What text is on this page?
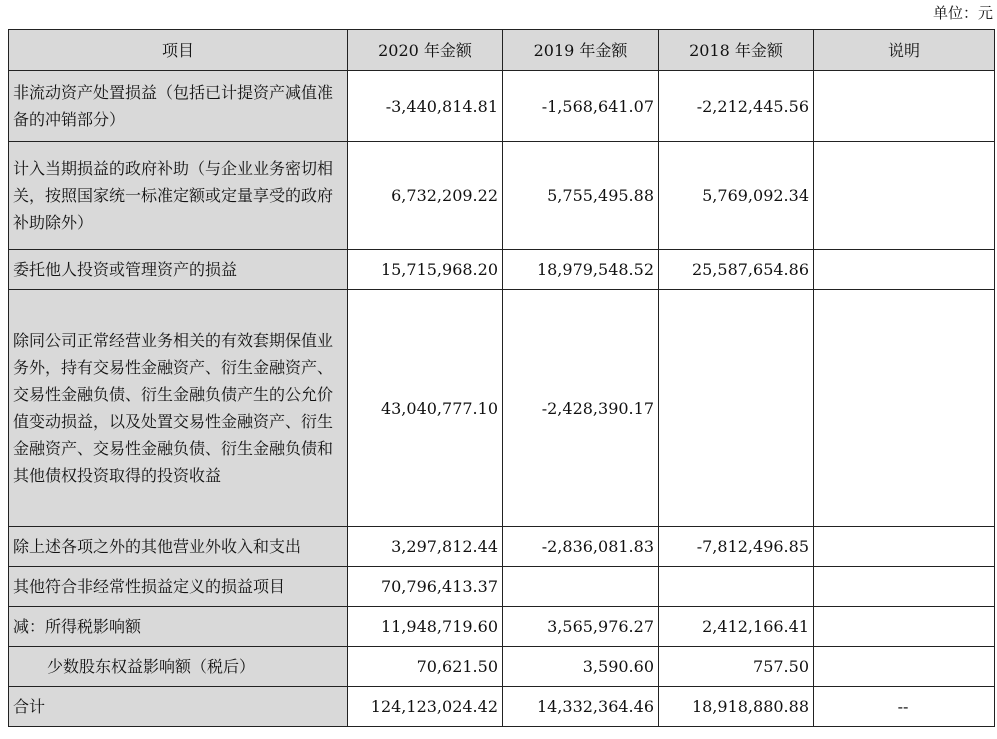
单位：元
项目	2020 年金额	2019 年金额	2018 年金额	说明
非流动资产处置损益（包括已计提资产减值准备的冲销部分）	-3,440,814.81	-1,568,641.07	-2,212,445.56	
计入当期损益的政府补助（与企业业务密切相关，按照国家统一标准定额或定量享受的政府补助除外）	6,732,209.22	5,755,495.88	5,769,092.34	
委托他人投资或管理资产的损益	15,715,968.20	18,979,548.52	25,587,654.86	
除同公司正常经营业务相关的有效套期保值业务外，持有交易性金融资产、衍生金融资产、交易性金融负债、衍生金融负债产生的公允价值变动损益，以及处置交易性金融资产、衍生金融资产、交易性金融负债、衍生金融负债和其他债权投资取得的投资收益	43,040,777.10	-2,428,390.17		
除上述各项之外的其他营业外收入和支出	3,297,812.44	-2,836,081.83	-7,812,496.85	
其他符合非经常性损益定义的损益项目	70,796,413.37			
减：所得税影响额	11,948,719.60	3,565,976.27	2,412,166.41	
少数股东权益影响额（税后）	70,621.50	3,590.60	757.50	
合计	124,123,024.42	14,332,364.46	18,918,880.88	--
